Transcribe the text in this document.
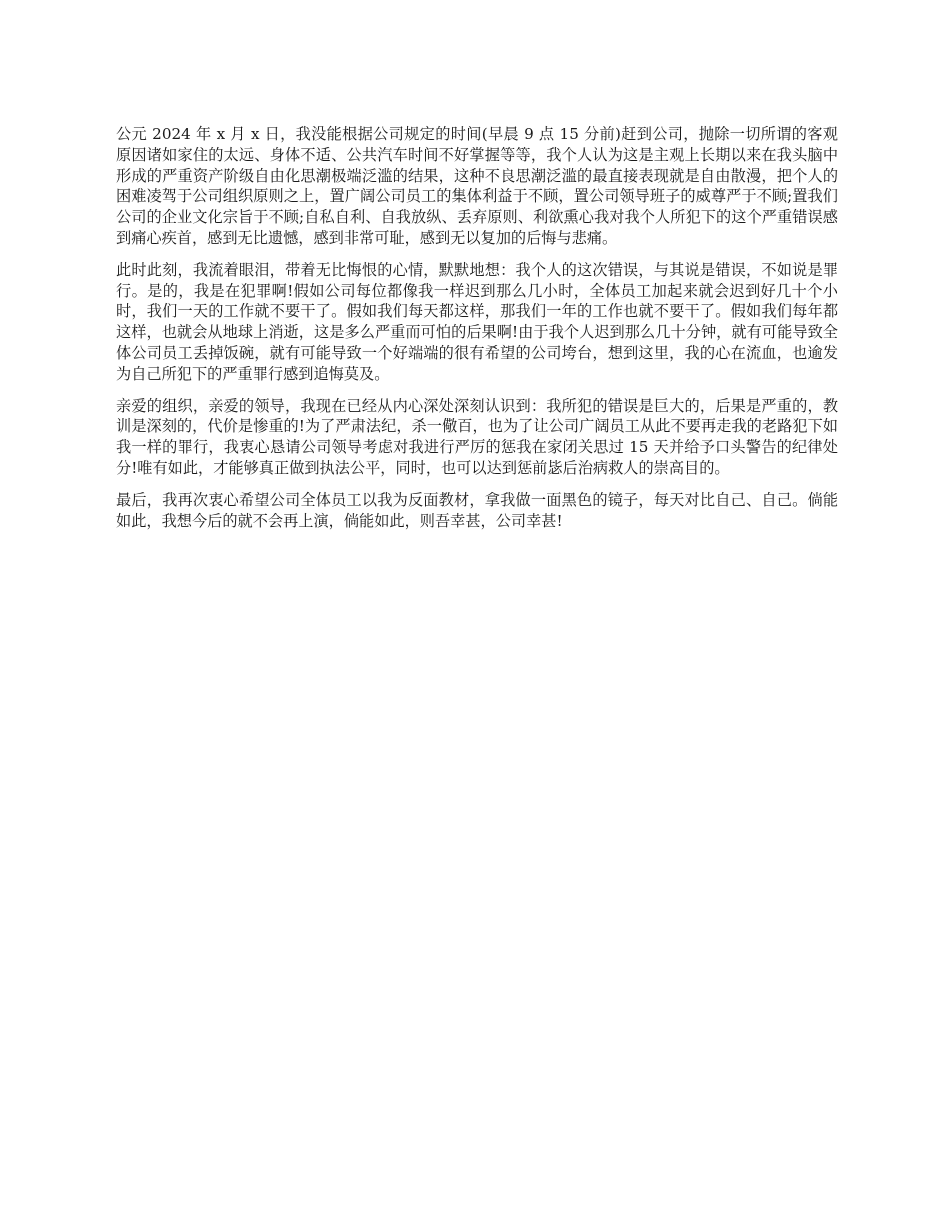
公元 2024 年 x 月 x 日，我没能根据公司规定的时间(早晨 9 点 15 分前)赶到公司，抛除一切所谓的客观原因诸如家住的太远、身体不适、公共汽车时间不好掌握等等，我个人认为这是主观上长期以来在我头脑中形成的严重资产阶级自由化思潮极端泛滥的结果，这种不良思潮泛滥的最直接表现就是自由散漫，把个人的困难凌驾于公司组织原则之上，置广阔公司员工的集体利益于不顾，置公司领导班子的威尊严于不顾;置我们公司的企业文化宗旨于不顾;自私自利、自我放纵、丢弃原则、利欲熏心我对我个人所犯下的这个严重错误感到痛心疾首，感到无比遗憾，感到非常可耻，感到无以复加的后悔与悲痛。

此时此刻，我流着眼泪，带着无比悔恨的心情，默默地想：我个人的这次错误，与其说是错误，不如说是罪行。是的，我是在犯罪啊!假如公司每位都像我一样迟到那么几小时，全体员工加起来就会迟到好几十个小时，我们一天的工作就不要干了。假如我们每天都这样，那我们一年的工作也就不要干了。假如我们每年都这样，也就会从地球上消逝，这是多么严重而可怕的后果啊!由于我个人迟到那么几十分钟，就有可能导致全体公司员工丢掉饭碗，就有可能导致一个好端端的很有希望的公司垮台，想到这里，我的心在流血，也逾发为自己所犯下的严重罪行感到追悔莫及。

亲爱的组织，亲爱的领导，我现在已经从内心深处深刻认识到：我所犯的错误是巨大的，后果是严重的，教训是深刻的，代价是惨重的!为了严肃法纪，杀一儆百，也为了让公司广阔员工从此不要再走我的老路犯下如我一样的罪行，我衷心恳请公司领导考虑对我进行严厉的惩我在家闭关思过 15 天并给予口头警告的纪律处分!唯有如此，才能够真正做到执法公平，同时，也可以达到惩前毖后治病救人的崇高目的。

最后，我再次衷心希望公司全体员工以我为反面教材，拿我做一面黑色的镜子，每天对比自己、自己。倘能如此，我想今后的就不会再上演，倘能如此，则吾幸甚，公司幸甚!
